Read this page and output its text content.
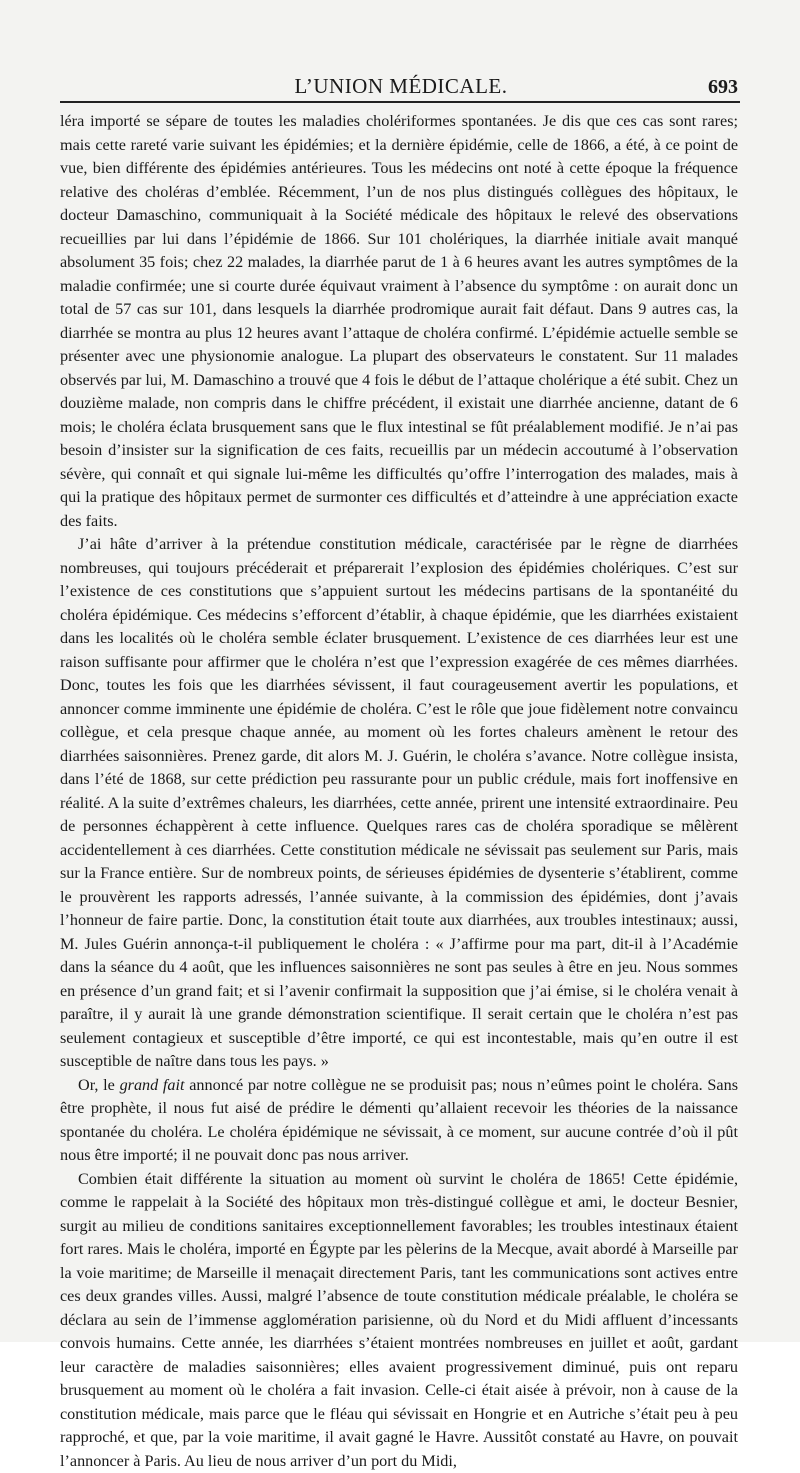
L’UNION MÉDICALE.	693

léra importé se sépare de toutes les maladies cholériformes spontanées. Je dis que ces cas sont rares; mais cette rareté varie suivant les épidémies; et la dernière épidémie, celle de 1866, a été, à ce point de vue, bien différente des épidémies antérieures. Tous les médecins ont noté à cette époque la fréquence relative des choléras d’emblée. Récemment, l’un de nos plus distingués collègues des hôpitaux, le docteur Damaschino, communiquait à la Société médicale des hôpitaux le relevé des observations recueillies par lui dans l’épidémie de 1866. Sur 101 cholériques, la diarrhée initiale avait manqué absolument 35 fois; chez 22 malades, la diarrhée parut de 1 à 6 heures avant les autres symptômes de la maladie confirmée; une si courte durée équivaut vraiment à l’absence du symptôme : on aurait donc un total de 57 cas sur 101, dans lesquels la diarrhée prodromique aurait fait défaut. Dans 9 autres cas, la diarrhée se montra au plus 12 heures avant l’attaque de choléra confirmé. L’épidémie actuelle semble se présenter avec une physionomie analogue. La plupart des observateurs le constatent. Sur 11 malades observés par lui, M. Damaschino a trouvé que 4 fois le début de l’attaque cholérique a été subit. Chez un douzième malade, non compris dans le chiffre précédent, il existait une diarrhée ancienne, datant de 6 mois; le choléra éclata brusquement sans que le flux intestinal se fût préalablement modifié. Je n’ai pas besoin d’insister sur la signification de ces faits, recueillis par un médecin accoutumé à l’observation sévère, qui connaît et qui signale lui-même les difficultés qu’offre l’interrogation des malades, mais à qui la pratique des hôpitaux permet de surmonter ces difficultés et d’atteindre à une appréciation exacte des faits.

J’ai hâte d’arriver à la prétendue constitution médicale, caractérisée par le règne de diarrhées nombreuses, qui toujours précéderait et préparerait l’explosion des épidémies cholériques. C’est sur l’existence de ces constitutions que s’appuient surtout les médecins partisans de la spontanéité du choléra épidémique. Ces médecins s’efforcent d’établir, à chaque épidémie, que les diarrhées existaient dans les localités où le choléra semble éclater brusquement. L’existence de ces diarrhées leur est une raison suffisante pour affirmer que le choléra n’est que l’expression exagérée de ces mêmes diarrhées. Donc, toutes les fois que les diarrhées sévissent, il faut courageusement avertir les populations, et annoncer comme imminente une épidémie de choléra. C’est le rôle que joue fidèlement notre convaincu collègue, et cela presque chaque année, au moment où les fortes chaleurs amènent le retour des diarrhées saisonnières. Prenez garde, dit alors M. J. Guérin, le choléra s’avance. Notre collègue insista, dans l’été de 1868, sur cette prédiction peu rassurante pour un public crédule, mais fort inoffensive en réalité. A la suite d’extrêmes chaleurs, les diarrhées, cette année, prirent une intensité extraordinaire. Peu de personnes échappèrent à cette influence. Quelques rares cas de choléra sporadique se mêlèrent accidentellement à ces diarrhées. Cette constitution médicale ne sévissait pas seulement sur Paris, mais sur la France entière. Sur de nombreux points, de sérieuses épidémies de dysenterie s’établirent, comme le prouvèrent les rapports adressés, l’année suivante, à la commission des épidémies, dont j’avais l’honneur de faire partie. Donc, la constitution était toute aux diarrhées, aux troubles intestinaux; aussi, M. Jules Guérin annonça-t-il publiquement le choléra : « J’affirme pour ma part, dit-il à l’Académie dans la séance du 4 août, que les influences saisonnières ne sont pas seules à être en jeu. Nous sommes en présence d’un grand fait; et si l’avenir confirmait la supposition que j’ai émise, si le choléra venait à paraître, il y aurait là une grande démonstration scientifique. Il serait certain que le choléra n’est pas seulement contagieux et susceptible d’être importé, ce qui est incontestable, mais qu’en outre il est susceptible de naître dans tous les pays. »

Or, le grand fait annoncé par notre collègue ne se produisit pas; nous n’eûmes point le choléra. Sans être prophète, il nous fut aisé de prédire le démenti qu’allaient recevoir les théories de la naissance spontanée du choléra. Le choléra épidémique ne sévissait, à ce moment, sur aucune contrée d’où il pût nous être importé; il ne pouvait donc pas nous arriver.

Combien était différente la situation au moment où survint le choléra de 1865! Cette épidémie, comme le rappelait à la Société des hôpitaux mon très-distingué collègue et ami, le docteur Besnier, surgit au milieu de conditions sanitaires exceptionnellement favorables; les troubles intestinaux étaient fort rares. Mais le choléra, importé en Égypte par les pèlerins de la Mecque, avait abordé à Marseille par la voie maritime; de Marseille il menaçait directement Paris, tant les communications sont actives entre ces deux grandes villes. Aussi, malgré l’absence de toute constitution médicale préalable, le choléra se déclara au sein de l’immense agglomération parisienne, où du Nord et du Midi affluent d’incessants convois humains. Cette année, les diarrhées s’étaient montrées nombreuses en juillet et août, gardant leur caractère de maladies saisonnières; elles avaient progressivement diminué, puis ont reparu brusquement au moment où le choléra a fait invasion. Celle-ci était aisée à prévoir, non à cause de la constitution médicale, mais parce que le fléau qui sévissait en Hongrie et en Autriche s’était peu à peu rapproché, et que, par la voie maritime, il avait gagné le Havre. Aussitôt constaté au Havre, on pouvait l’annoncer à Paris. Au lieu de nous arriver d’un port du Midi,
